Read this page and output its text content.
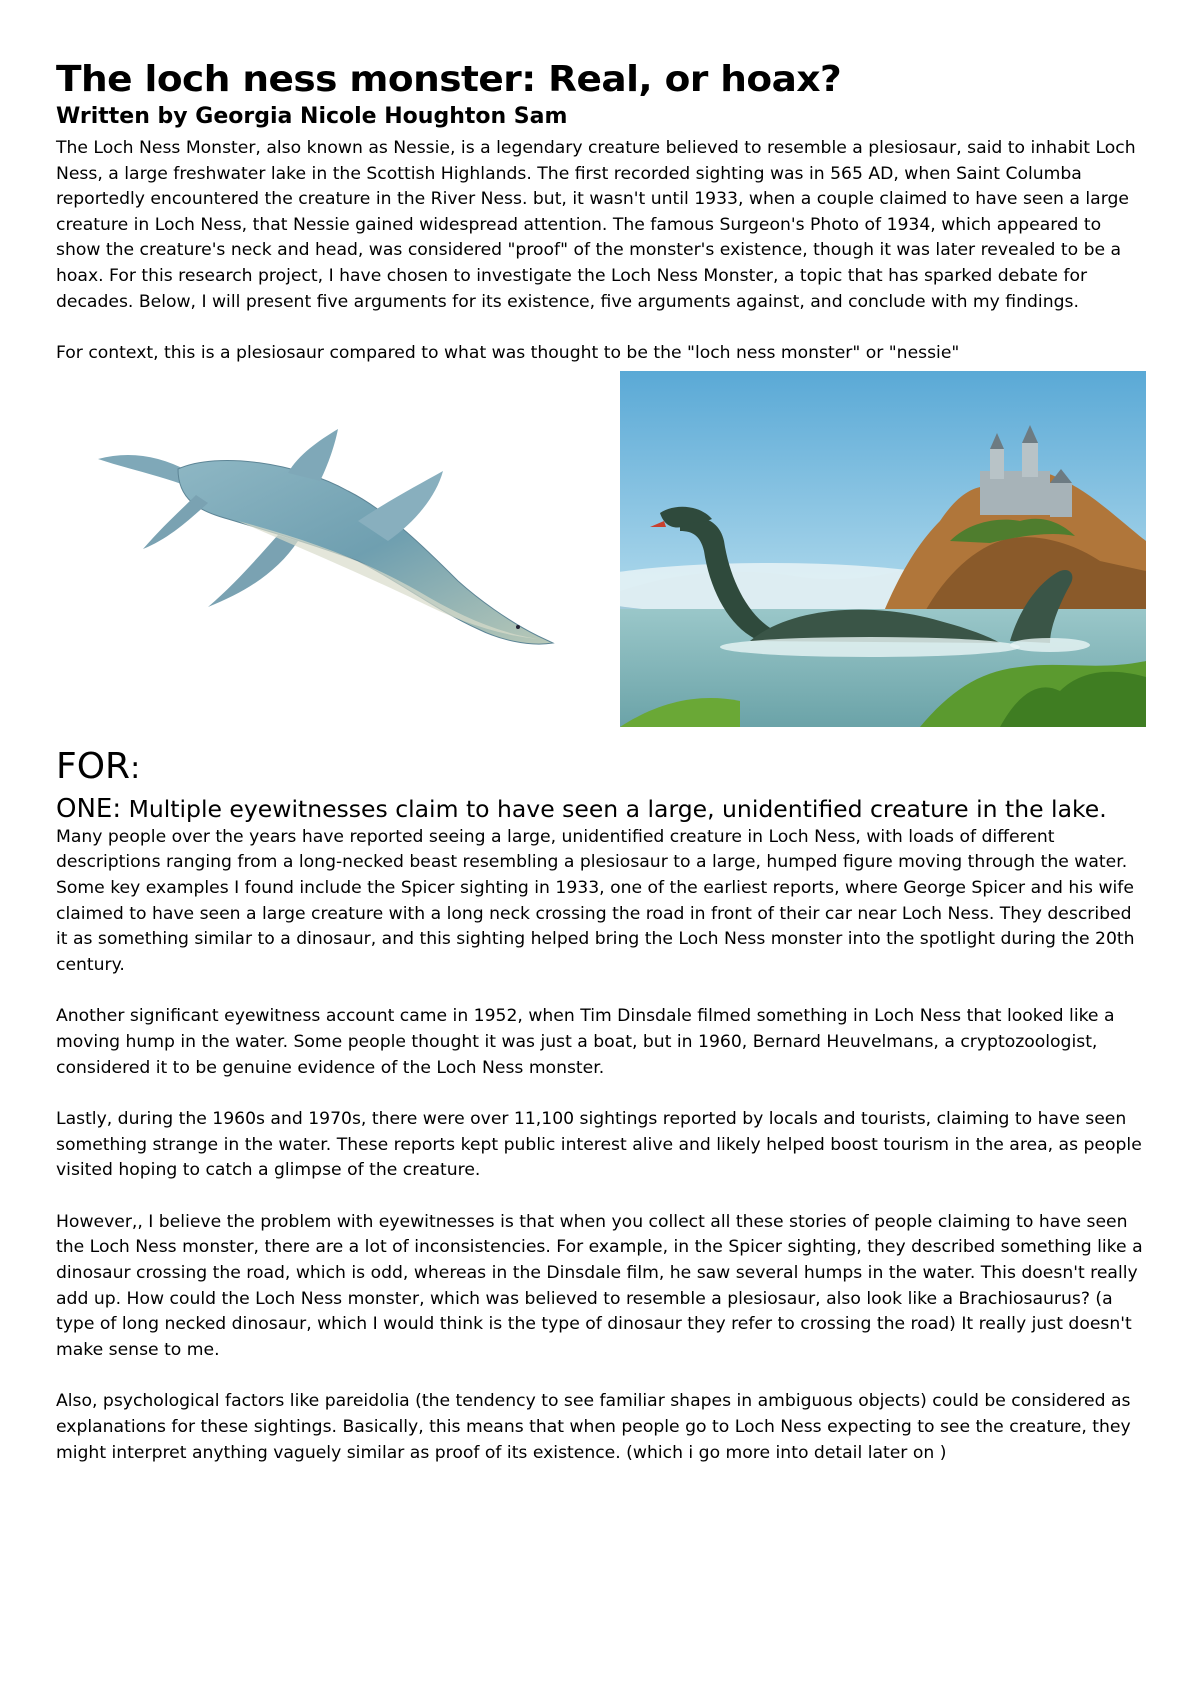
The loch ness monster: Real, or hoax?
Written by Georgia Nicole Houghton Sam

The Loch Ness Monster, also known as Nessie, is a legendary creature believed to resemble a plesiosaur, said to inhabit Loch Ness, a large freshwater lake in the Scottish Highlands. The first recorded sighting was in 565 AD, when Saint Columba reportedly encountered the creature in the River Ness. but, it wasn't until 1933, when a couple claimed to have seen a large creature in Loch Ness, that Nessie gained widespread attention. The famous Surgeon's Photo of 1934, which appeared to show the creature's neck and head, was considered "proof" of the monster's existence, though it was later revealed to be a hoax. For this research project, I have chosen to investigate the Loch Ness Monster, a topic that has sparked debate for decades. Below, I will present five arguments for its existence, five arguments against, and conclude with my findings.

For context, this is a plesiosaur compared to what was thought to be the "loch ness monster" or "nessie"

FOR:
ONE: Multiple eyewitnesses claim to have seen a large, unidentified creature in the lake.

Many people over the years have reported seeing a large, unidentified creature in Loch Ness, with loads of different descriptions ranging from a long-necked beast resembling a plesiosaur to a large, humped figure moving through the water. Some key examples I found include the Spicer sighting in 1933, one of the earliest reports, where George Spicer and his wife claimed to have seen a large creature with a long neck crossing the road in front of their car near Loch Ness. They described it as something similar to a dinosaur, and this sighting helped bring the Loch Ness monster into the spotlight during the 20th century.

Another significant eyewitness account came in 1952, when Tim Dinsdale filmed something in Loch Ness that looked like a moving hump in the water. Some people thought it was just a boat, but in 1960, Bernard Heuvelmans, a cryptozoologist, considered it to be genuine evidence of the Loch Ness monster.

Lastly, during the 1960s and 1970s, there were over 11,100 sightings reported by locals and tourists, claiming to have seen something strange in the water. These reports kept public interest alive and likely helped boost tourism in the area, as people visited hoping to catch a glimpse of the creature.

However,, I believe the problem with eyewitnesses is that when you collect all these stories of people claiming to have seen the Loch Ness monster, there are a lot of inconsistencies. For example, in the Spicer sighting, they described something like a dinosaur crossing the road, which is odd, whereas in the Dinsdale film, he saw several humps in the water. This doesn't really add up. How could the Loch Ness monster, which was believed to resemble a plesiosaur, also look like a Brachiosaurus? (a type of long necked dinosaur, which I would think is the type of dinosaur they refer to crossing the road) It really just doesn't make sense to me.

Also, psychological factors like pareidolia (the tendency to see familiar shapes in ambiguous objects) could be considered as explanations for these sightings. Basically, this means that when people go to Loch Ness expecting to see the creature, they might interpret anything vaguely similar as proof of its existence. (which i go more into detail later on )
